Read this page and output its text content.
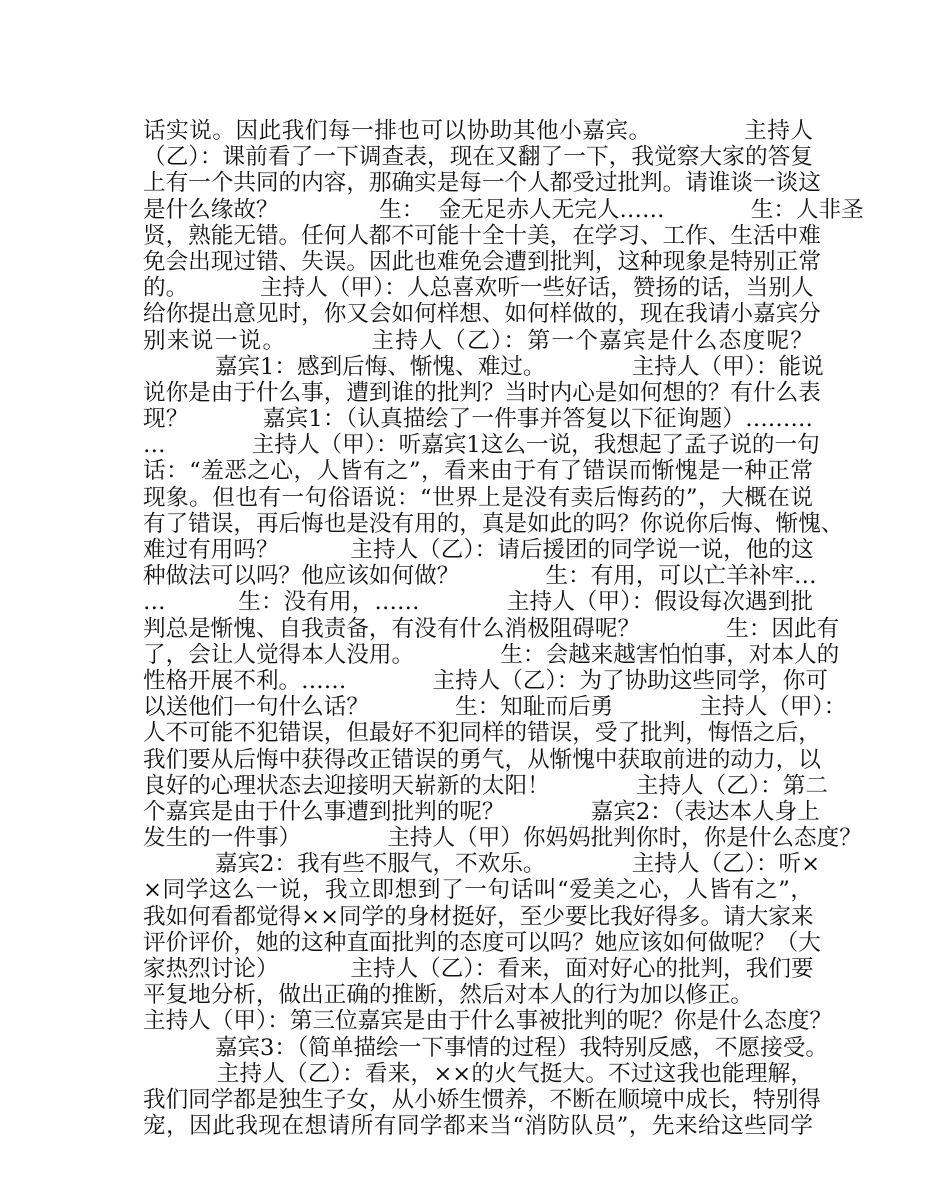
话实说。因此我们每一排也可以协助其他小嘉宾。            主持人
（乙）：课前看了一下调查表，现在又翻了一下，我觉察大家的答复
上有一个共同的内容，那确实是每一个人都受过批判。请谁谈一谈这
是什么缘故？              生：  金无足赤人无完人……            生：人非圣
贤，熟能无错。任何人都不可能十全十美，在学习、工作、生活中难
免会出现过错、失误。因此也难免会遭到批判，这种现象是特别正常
的。          主持人（甲）：人总喜欢听一些好话，赞扬的话，当别人
给你提出意见时，你又会如何样想、如何样做的，现在我请小嘉宾分
别来说一说。          主持人（乙）：第一个嘉宾是什么态度呢？
嘉宾1：感到后悔、惭愧、难过。            主持人（甲）：能说
说你是由于什么事，遭到谁的批判？当时内心是如何想的？有什么表
现？          嘉宾1：（认真描绘了一件事并答复以下征询题）………
…            主持人（甲）：听嘉宾1这么一说，我想起了孟子说的一句
话：“羞恶之心，人皆有之”，看来由于有了错误而惭愧是一种正常
现象。但也有一句俗语说：“世界上是没有卖后悔药的”，大概在说
有了错误，再后悔也是没有用的，真是如此的吗？你说你后悔、惭愧、
难过有用吗？          主持人（乙）：请后援团的同学说一说，他的这
种做法可以吗？他应该如何做？            生：有用，可以亡羊补牢…
…          生：没有用，……            主持人（甲）：假设每次遇到批
判总是惭愧、自我责备，有没有什么消极阻碍呢？            生：因此有
了，会让人觉得本人没用。            生：会越来越害怕怕事，对本人的
性格开展不利。……            主持人（乙）：为了协助这些同学，你可
以送他们一句什么话？            生：知耻而后勇            主持人（甲）：
人不可能不犯错误，但最好不犯同样的错误，受了批判，悔悟之后，
我们要从后悔中获得改正错误的勇气，从惭愧中获取前进的动力，以
良好的心理状态去迎接明天崭新的太阳！            主持人（乙）：第二
个嘉宾是由于什么事遭到批判的呢？            嘉宾2：（表达本人身上
发生的一件事）            主持人（甲）你妈妈批判你时，你是什么态度？
嘉宾2：我有些不服气，不欢乐。            主持人（乙）：听×
×同学这么一说，我立即想到了一句话叫“爱美之心，人皆有之”，
我如何看都觉得××同学的身材挺好，至少要比我好得多。请大家来
评价评价，她的这种直面批判的态度可以吗？她应该如何做呢？（大
家热烈讨论）          主持人（乙）：看来，面对好心的批判，我们要
平复地分析，做出正确的推断，然后对本人的行为加以修正。
主持人（甲）：第三位嘉宾是由于什么事被批判的呢？你是什么态度？
嘉宾3：（简单描绘一下事情的过程）我特别反感，不愿接受。
主持人（乙）：看来，××的火气挺大。不过这我也能理解，
我们同学都是独生子女，从小娇生惯养，不断在顺境中成长，特别得
宠，因此我现在想请所有同学都来当“消防队员”，先来给这些同学
